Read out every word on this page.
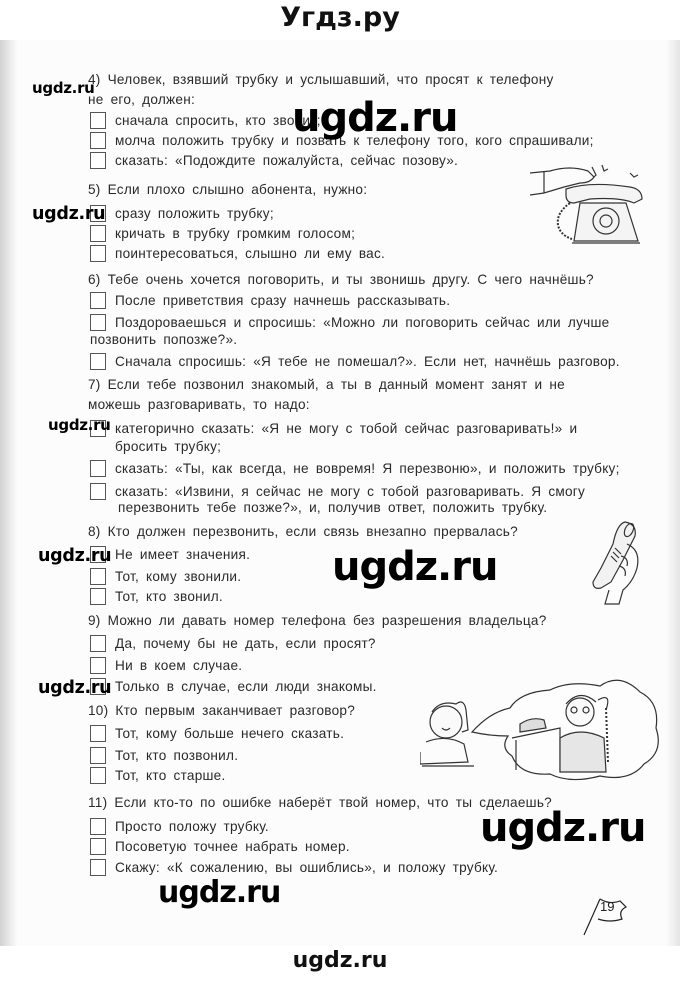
Угдз.ру
4) Человек, взявший трубку и услышавший, что просят к телефону
не его, должен:
сначала спросить, кто звонит;
молча положить трубку и позвать к телефону того, кого спрашивали;
сказать: «Подождите пожалуйста, сейчас позову».
5) Если плохо слышно абонента, нужно:
сразу положить трубку;
кричать в трубку громким голосом;
поинтересоваться, слышно ли ему вас.
6) Тебе очень хочется поговорить, и ты звонишь другу. С чего начнёшь?
После приветствия сразу начнешь рассказывать.
Поздороваешься и спросишь: «Можно ли поговорить сейчас или лучше
позвонить попозже?».
Сначала спросишь: «Я тебе не помешал?». Если нет, начнёшь разговор.
7) Если тебе позвонил знакомый, а ты в данный момент занят и не
можешь разговаривать, то надо:
категорично сказать: «Я не могу с тобой сейчас разговаривать!» и
бросить трубку;
сказать: «Ты, как всегда, не вовремя! Я перезвоню», и положить трубку;
сказать: «Извини, я сейчас не могу с тобой разговаривать. Я смогу
перезвонить тебе позже?», и, получив ответ, положить трубку.
8) Кто должен перезвонить, если связь внезапно прервалась?
Не имеет значения.
Тот, кому звонили.
Тот, кто звонил.
9) Можно ли давать номер телефона без разрешения владельца?
Да, почему бы не дать, если просят?
Ни в коем случае.
Только в случае, если люди знакомы.
10) Кто первым заканчивает разговор?
Тот, кому больше нечего сказать.
Тот, кто позвонил.
Тот, кто старше.
11) Если кто-то по ошибке наберёт твой номер, что ты сделаешь?
Просто положу трубку.
Посоветую точнее набрать номер.
Скажу: «К сожалению, вы ошиблись», и положу трубку.
19
ugdz.ru
ugdz.ru
ugdz.ru
ugdz.ru
ugdz.ru	ugdz.ru
ugdz.ru
ugdz.ru
ugdz.ru
ugdz.ru
